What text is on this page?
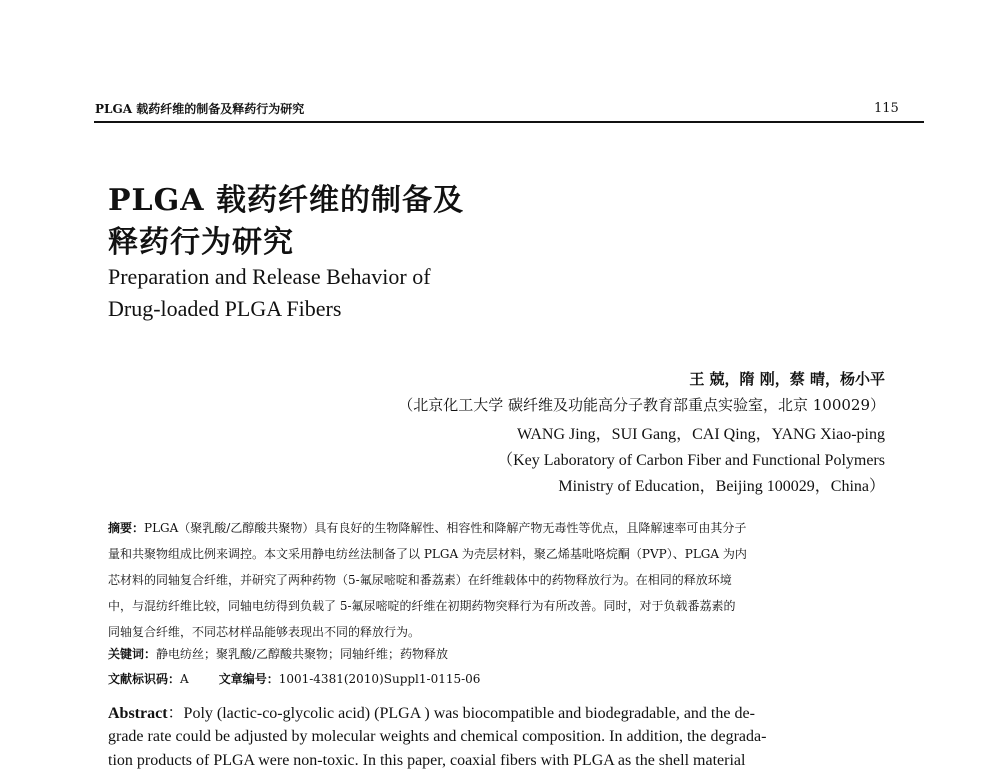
PLGA 载药纤维的制备及释药行为研究	115
PLGA 载药纤维的制备及
释药行为研究
Preparation and Release Behavior of
Drug-loaded PLGA Fibers
王 兢，隋 刚，蔡 晴，杨小平
（北京化工大学 碳纤维及功能高分子教育部重点实验室，北京 100029）
WANG Jing，SUI Gang，CAI Qing，YANG Xiao-ping
（Key Laboratory of Carbon Fiber and Functional Polymers
Ministry of Education，Beijing 100029，China）
摘要：PLGA（聚乳酸/乙醇酸共聚物）具有良好的生物降解性、相容性和降解产物无毒性等优点，且降解速率可由其分子
量和共聚物组成比例来调控。本文采用静电纺丝法制备了以 PLGA 为壳层材料，聚乙烯基吡咯烷酮（PVP）、PLGA 为内
芯材料的同轴复合纤维，并研究了两种药物（5-氟尿嘧啶和番荔素）在纤维载体中的药物释放行为。在相同的释放环境
中，与混纺纤维比较，同轴电纺得到负载了 5-氟尿嘧啶的纤维在初期药物突释行为有所改善。同时，对于负载番荔素的
同轴复合纤维，不同芯材样品能够表现出不同的释放行为。
关键词：静电纺丝；聚乳酸/乙醇酸共聚物；同轴纤维；药物释放
文献标识码：A	文章编号：1001-4381(2010)Suppl1-0115-06
Abstract：Poly (lactic-co-glycolic acid) (PLGA ) was biocompatible and biodegradable, and the de-
grade rate could be adjusted by molecular weights and chemical composition. In addition, the degrada-
tion products of PLGA were non-toxic. In this paper, coaxial fibers with PLGA as the shell material
